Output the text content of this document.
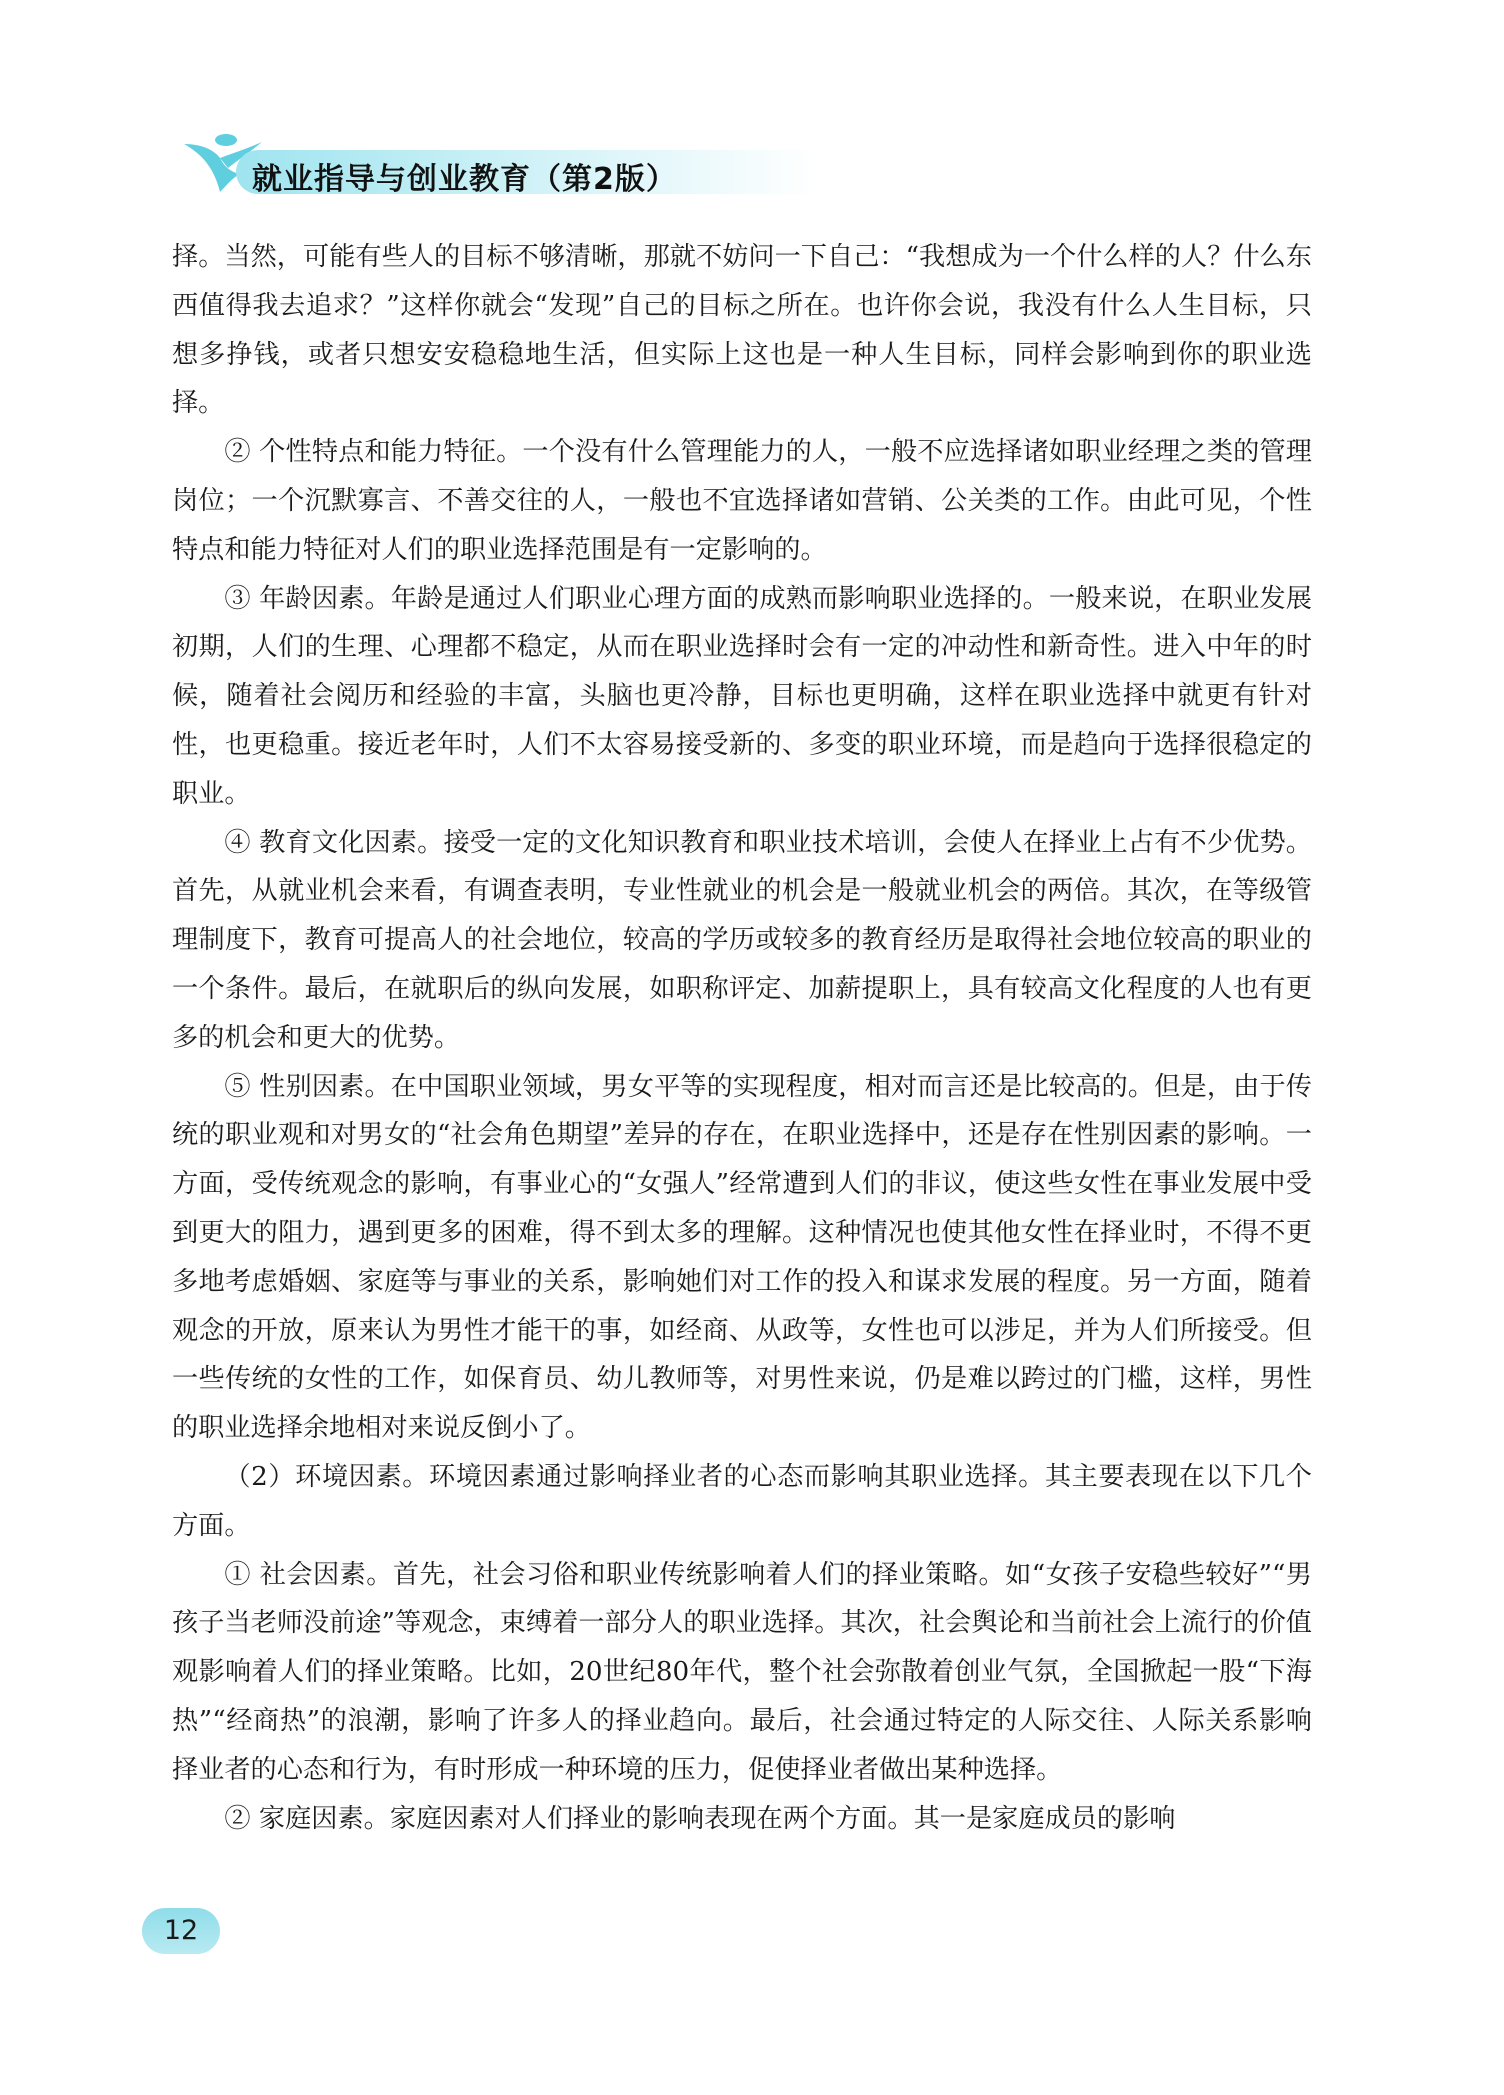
就业指导与创业教育（第2版）

择。当然，可能有些人的目标不够清晰，那就不妨问一下自己：“我想成为一个什么样的人？什么东西值得我去追求？”这样你就会“发现”自己的目标之所在。也许你会说，我没有什么人生目标，只想多挣钱，或者只想安安稳稳地生活，但实际上这也是一种人生目标，同样会影响到你的职业选择。

② 个性特点和能力特征。一个没有什么管理能力的人，一般不应选择诸如职业经理之类的管理岗位；一个沉默寡言、不善交往的人，一般也不宜选择诸如营销、公关类的工作。由此可见，个性特点和能力特征对人们的职业选择范围是有一定影响的。

③ 年龄因素。年龄是通过人们职业心理方面的成熟而影响职业选择的。一般来说，在职业发展初期，人们的生理、心理都不稳定，从而在职业选择时会有一定的冲动性和新奇性。进入中年的时候，随着社会阅历和经验的丰富，头脑也更冷静，目标也更明确，这样在职业选择中就更有针对性，也更稳重。接近老年时，人们不太容易接受新的、多变的职业环境，而是趋向于选择很稳定的职业。

④ 教育文化因素。接受一定的文化知识教育和职业技术培训，会使人在择业上占有不少优势。首先，从就业机会来看，有调查表明，专业性就业的机会是一般就业机会的两倍。其次，在等级管理制度下，教育可提高人的社会地位，较高的学历或较多的教育经历是取得社会地位较高的职业的一个条件。最后，在就职后的纵向发展，如职称评定、加薪提职上，具有较高文化程度的人也有更多的机会和更大的优势。

⑤ 性别因素。在中国职业领域，男女平等的实现程度，相对而言还是比较高的。但是，由于传统的职业观和对男女的“社会角色期望”差异的存在，在职业选择中，还是存在性别因素的影响。一方面，受传统观念的影响，有事业心的“女强人”经常遭到人们的非议，使这些女性在事业发展中受到更大的阻力，遇到更多的困难，得不到太多的理解。这种情况也使其他女性在择业时，不得不更多地考虑婚姻、家庭等与事业的关系，影响她们对工作的投入和谋求发展的程度。另一方面，随着观念的开放，原来认为男性才能干的事，如经商、从政等，女性也可以涉足，并为人们所接受。但一些传统的女性的工作，如保育员、幼儿教师等，对男性来说，仍是难以跨过的门槛，这样，男性的职业选择余地相对来说反倒小了。

（2）环境因素。环境因素通过影响择业者的心态而影响其职业选择。其主要表现在以下几个方面。

① 社会因素。首先，社会习俗和职业传统影响着人们的择业策略。如“女孩子安稳些较好”“男孩子当老师没前途”等观念，束缚着一部分人的职业选择。其次，社会舆论和当前社会上流行的价值观影响着人们的择业策略。比如，20世纪80年代，整个社会弥散着创业气氛，全国掀起一股“下海热”“经商热”的浪潮，影响了许多人的择业趋向。最后，社会通过特定的人际交往、人际关系影响择业者的心态和行为，有时形成一种环境的压力，促使择业者做出某种选择。

② 家庭因素。家庭因素对人们择业的影响表现在两个方面。其一是家庭成员的影响

12
